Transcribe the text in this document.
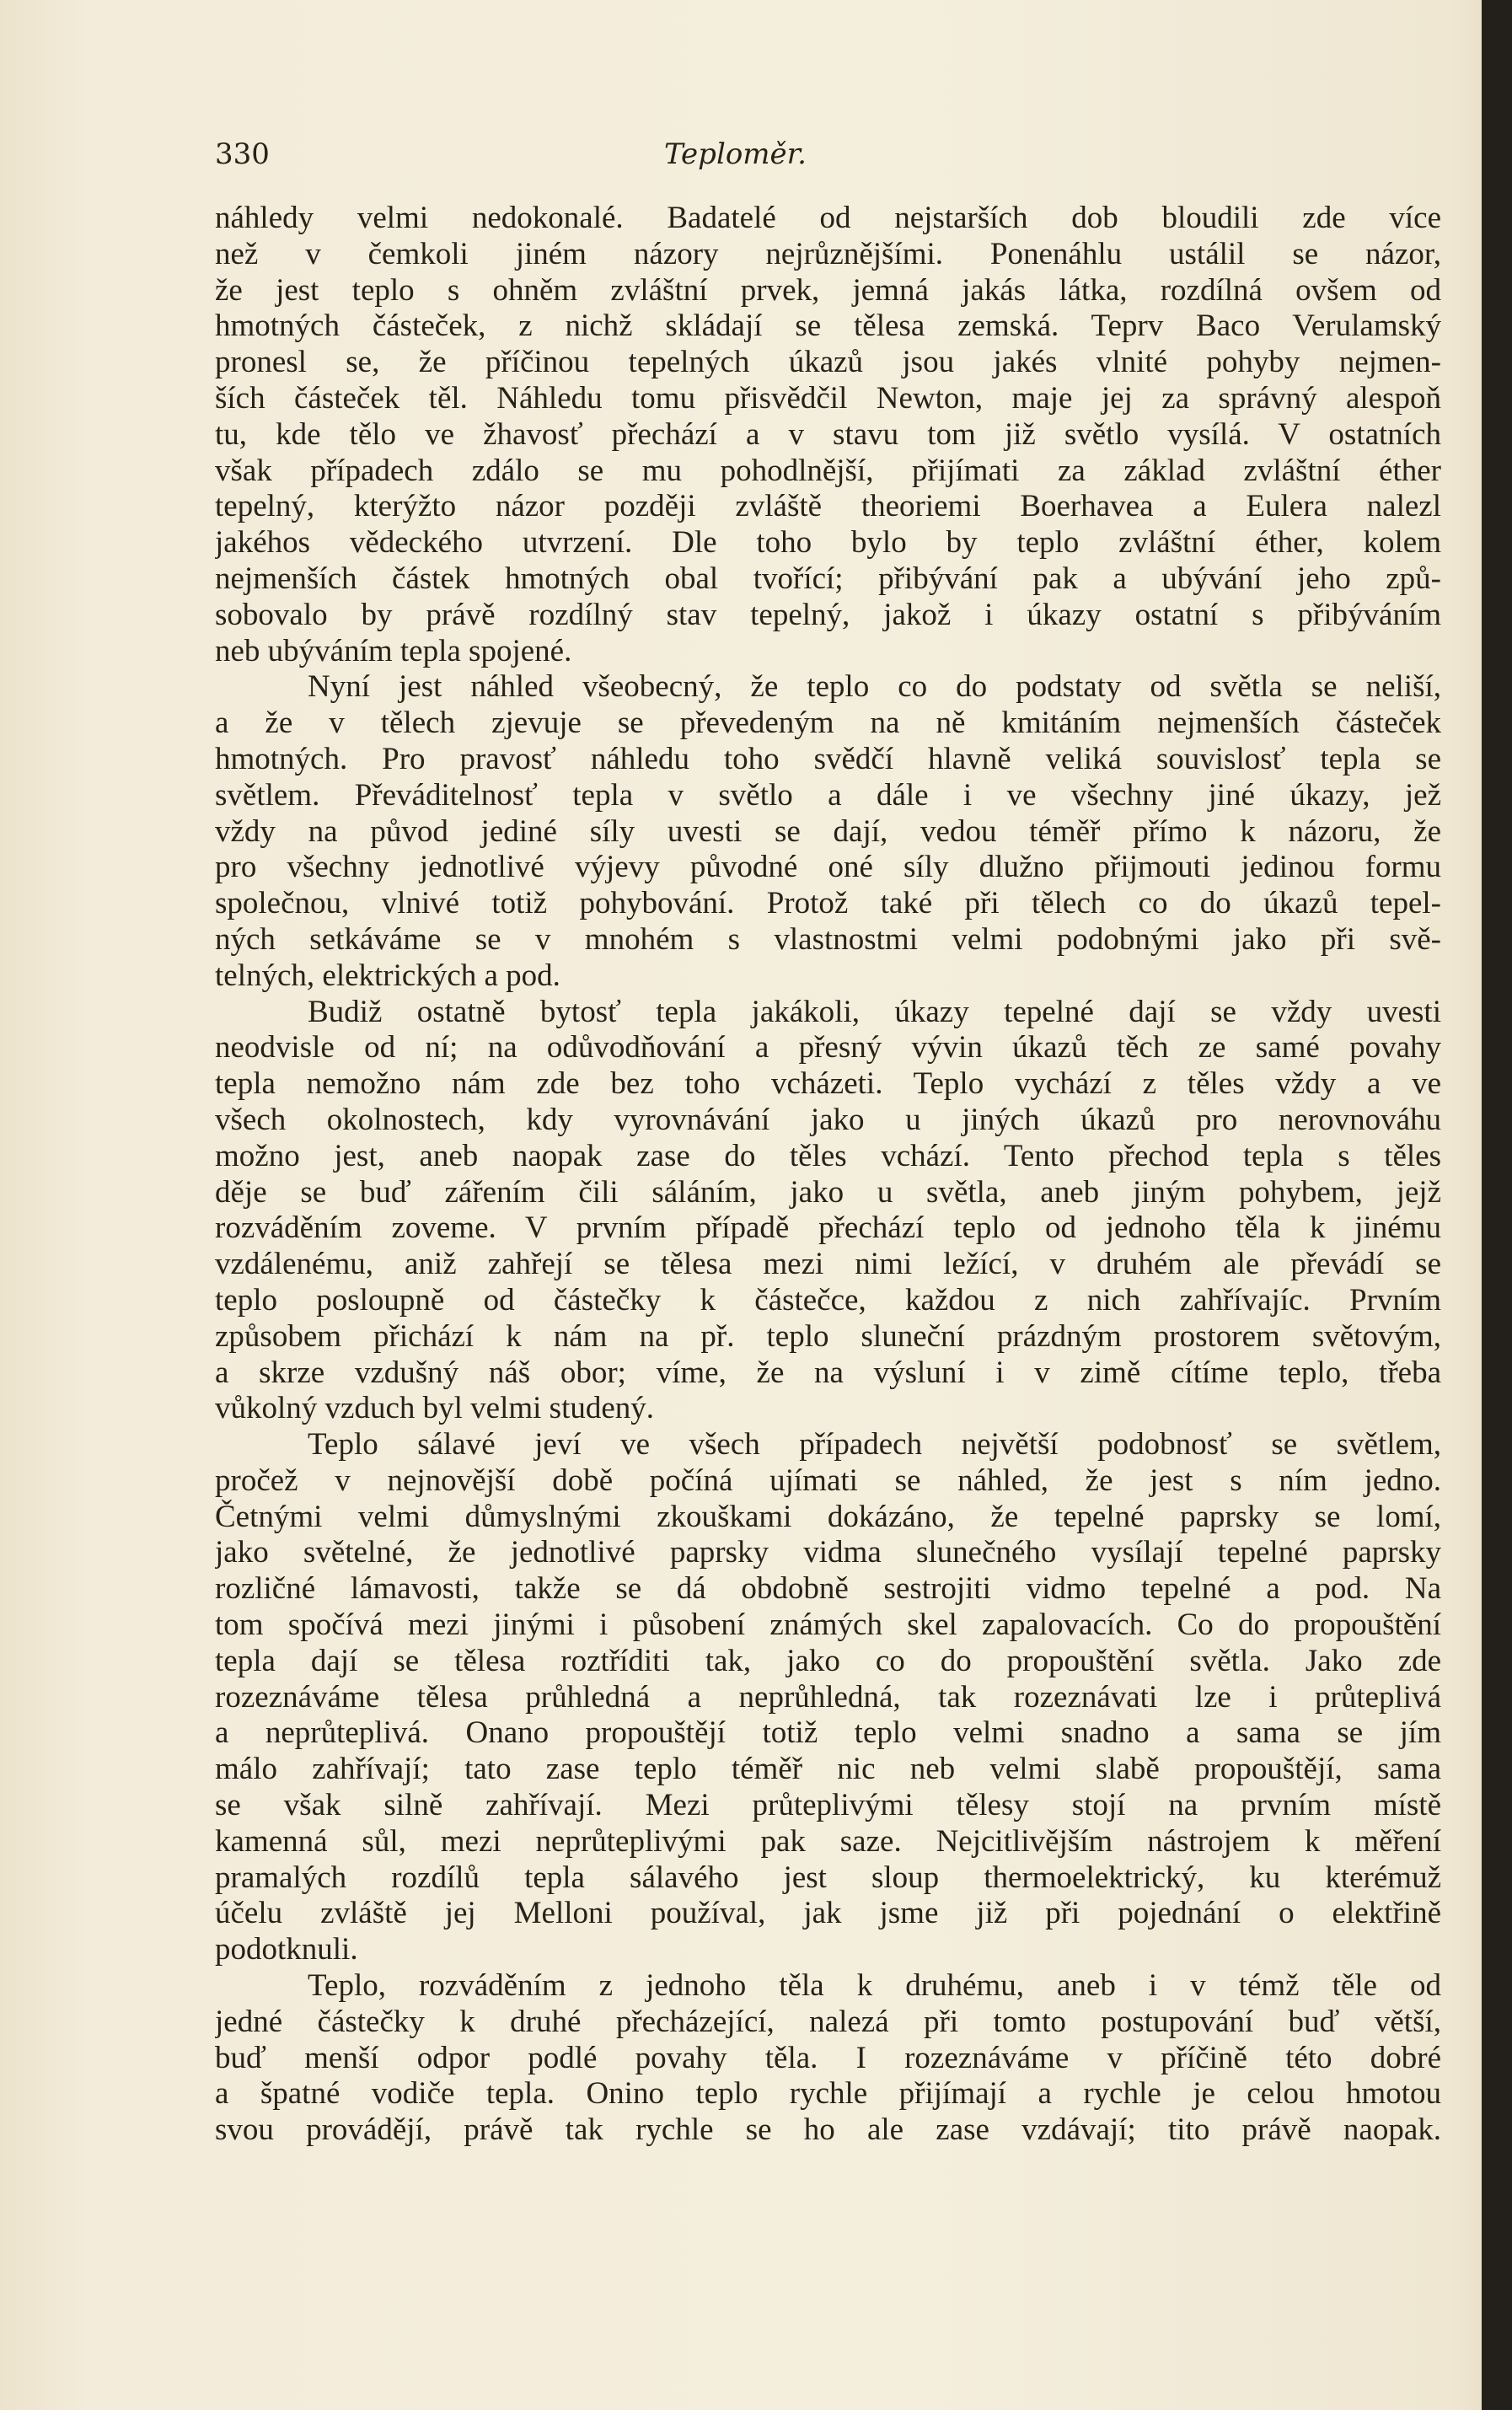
330	Teploměr.
náhledy velmi nedokonalé. Badatelé od nejstarších dob bloudili zde více
než v čemkoli jiném názory nejrůznějšími. Ponenáhlu ustálil se názor,
že jest teplo s ohněm zvláštní prvek, jemná jakás látka, rozdílná ovšem od
hmotných částeček, z nichž skládají se tělesa zemská. Teprv Baco Verulamský
pronesl se, že příčinou tepelných úkazů jsou jakés vlnité pohyby nejmen-
ších částeček těl. Náhledu tomu přisvědčil Newton, maje jej za správný alespoň
tu, kde tělo ve žhavosť přechází a v stavu tom již světlo vysílá. V ostatních
však případech zdálo se mu pohodlnější, přijímati za základ zvláštní éther
tepelný, kterýžto názor později zvláště theoriemi Boerhavea a Eulera nalezl
jakéhos vědeckého utvrzení. Dle toho bylo by teplo zvláštní éther, kolem
nejmenších částek hmotných obal tvořící; přibývání pak a ubývání jeho způ-
sobovalo by právě rozdílný stav tepelný, jakož i úkazy ostatní s přibýváním
neb ubýváním tepla spojené.
Nyní jest náhled všeobecný, že teplo co do podstaty od světla se neliší,
a že v tělech zjevuje se převedeným na ně kmitáním nejmenších částeček
hmotných. Pro pravosť náhledu toho svědčí hlavně veliká souvislosť tepla se
světlem. Převáditelnosť tepla v světlo a dále i ve všechny jiné úkazy, jež
vždy na původ jediné síly uvesti se dají, vedou téměř přímo k názoru, že
pro všechny jednotlivé výjevy původné oné síly dlužno přijmouti jedinou formu
společnou, vlnivé totiž pohybování. Protož také při tělech co do úkazů tepel-
ných setkáváme se v mnohém s vlastnostmi velmi podobnými jako při svě-
telných, elektrických a pod.
Budiž ostatně bytosť tepla jakákoli, úkazy tepelné dají se vždy uvesti
neodvisle od ní; na odůvodňování a přesný vývin úkazů těch ze samé povahy
tepla nemožno nám zde bez toho vcházeti. Teplo vychází z těles vždy a ve
všech okolnostech, kdy vyrovnávání jako u jiných úkazů pro nerovnováhu
možno jest, aneb naopak zase do těles vchází. Tento přechod tepla s těles
děje se buď zářením čili sáláním, jako u světla, aneb jiným pohybem, jejž
rozváděním zoveme. V prvním případě přechází teplo od jednoho těla k jinému
vzdálenému, aniž zahřejí se tělesa mezi nimi ležící, v druhém ale převádí se
teplo posloupně od částečky k částečce, každou z nich zahřívajíc. Prvním
způsobem přichází k nám na př. teplo sluneční prázdným prostorem světovým,
a skrze vzdušný náš obor; víme, že na výsluní i v zimě cítíme teplo, třeba
vůkolný vzduch byl velmi studený.
Teplo sálavé jeví ve všech případech největší podobnosť se světlem,
pročež v nejnovější době počíná ujímati se náhled, že jest s ním jedno.
Četnými velmi důmyslnými zkouškami dokázáno, že tepelné paprsky se lomí,
jako světelné, že jednotlivé paprsky vidma slunečného vysílají tepelné paprsky
rozličné lámavosti, takže se dá obdobně sestrojiti vidmo tepelné a pod. Na
tom spočívá mezi jinými i působení známých skel zapalovacích. Co do propouštění
tepla dají se tělesa roztříditi tak, jako co do propouštění světla. Jako zde
rozeznáváme tělesa průhledná a neprůhledná, tak rozeznávati lze i průteplivá
a neprůteplivá. Onano propouštějí totiž teplo velmi snadno a sama se jím
málo zahřívají; tato zase teplo téměř nic neb velmi slabě propouštějí, sama
se však silně zahřívají. Mezi průteplivými tělesy stojí na prvním místě
kamenná sůl, mezi neprůteplivými pak saze. Nejcitlivějším nástrojem k měření
pramalých rozdílů tepla sálavého jest sloup thermoelektrický, ku kterémuž
účelu zvláště jej Melloni používal, jak jsme již při pojednání o elektřině
podotknuli.
Teplo, rozváděním z jednoho těla k druhému, aneb i v témž těle od
jedné částečky k druhé přecházející, nalezá při tomto postupování buď větší,
buď menší odpor podlé povahy těla. I rozeznáváme v příčině této dobré
a špatné vodiče tepla. Onino teplo rychle přijímají a rychle je celou hmotou
svou provádějí, právě tak rychle se ho ale zase vzdávají; tito právě naopak.
